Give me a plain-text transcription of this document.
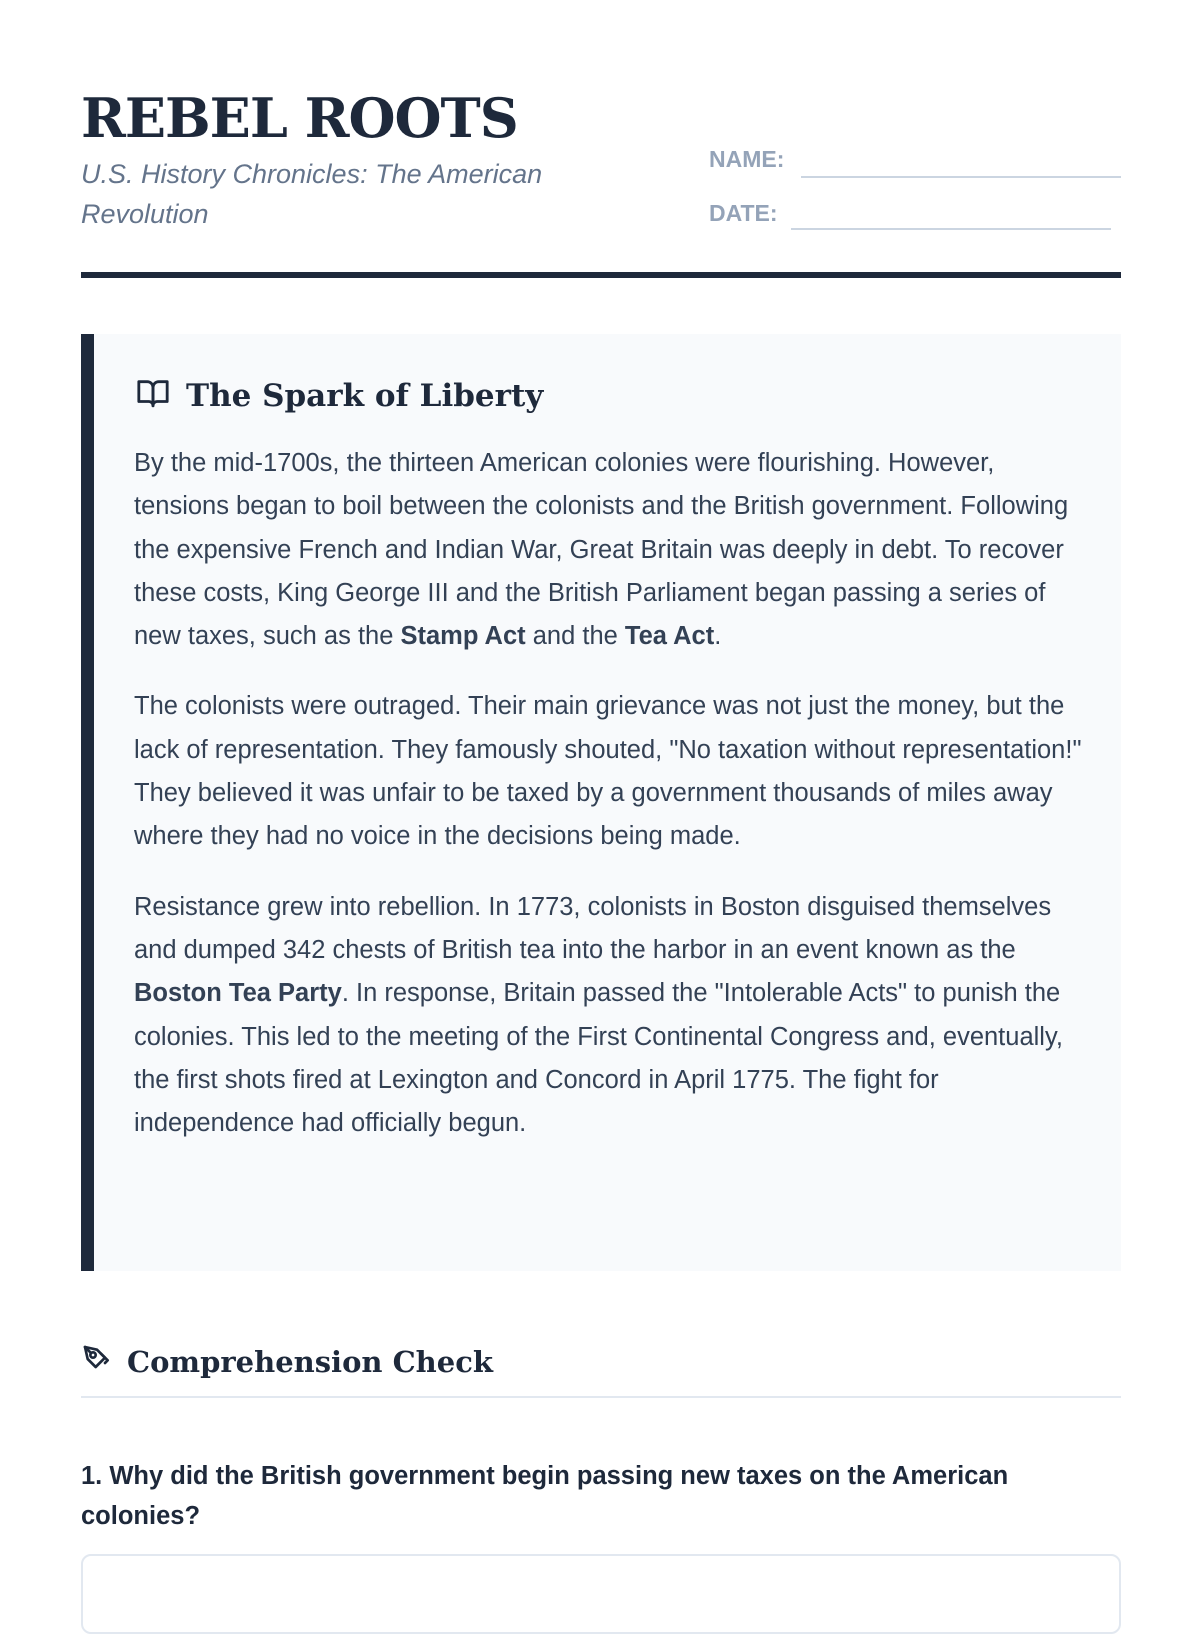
REBEL ROOTS

U.S. History Chronicles: The American Revolution

NAME:
DATE:
The Spark of Liberty

By the mid-1700s, the thirteen American colonies were flourishing. However, tensions began to boil between the colonists and the British government. Following the expensive French and Indian War, Great Britain was deeply in debt. To recover these costs, King George III and the British Parliament began passing a series of new taxes, such as the Stamp Act and the Tea Act.

The colonists were outraged. Their main grievance was not just the money, but the lack of representation. They famously shouted, "No taxation without representation!" They believed it was unfair to be taxed by a government thousands of miles away where they had no voice in the decisions being made.

Resistance grew into rebellion. In 1773, colonists in Boston disguised themselves and dumped 342 chests of British tea into the harbor in an event known as the Boston Tea Party. In response, Britain passed the "Intolerable Acts" to punish the colonies. This led to the meeting of the First Continental Congress and, eventually, the first shots fired at Lexington and Concord in April 1775. The fight for independence had officially begun.

Comprehension Check

1. Why did the British government begin passing new taxes on the American colonies?
